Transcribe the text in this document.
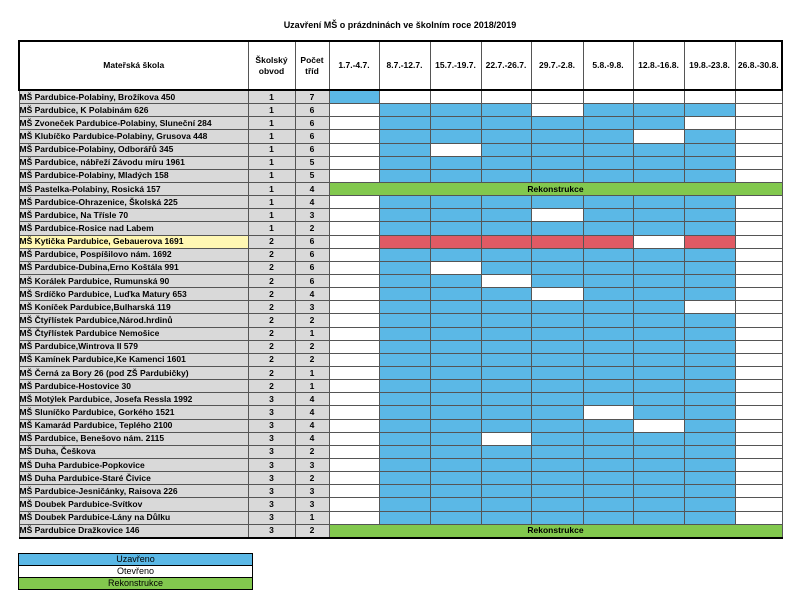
Uzavření MŠ o prázdninách ve školním roce 2018/2019
Mateřská škola	Školský obvod	Počet tříd	1.7.-4.7.	8.7.-12.7.	15.7.-19.7.	22.7.-26.7.	29.7.-2.8.	5.8.-9.8.	12.8.-16.8.	19.8.-23.8.	26.8.-30.8.
MŠ Pardubice-Polabiny, Brožíkova 450	1	7									
MŠ Pardubice, K Polabinám 626	1	6									
MŠ Zvoneček Pardubice-Polabiny, Sluneční 284	1	6									
MŠ Klubíčko Pardubice-Polabiny, Grusova 448	1	6									
MŠ Pardubice-Polabiny, Odborářů 345	1	6									
MŠ Pardubice, nábřeží Závodu míru 1961	1	5									
MŠ Pardubice-Polabiny, Mladých 158	1	5									
MŠ Pastelka-Polabiny, Rosická 157	1	4	Rekonstrukce								
MŠ Pardubice-Ohrazenice, Školská 225	1	4									
MŠ Pardubice, Na Třísle 70	1	3									
MŠ Pardubice-Rosice nad Labem	1	2									
MŠ Kytička Pardubice, Gebauerova 1691	2	6									
MŠ Pardubice, Pospíšilovo nám. 1692	2	6									
MŠ Pardubice-Dubina,Erno Koštála 991	2	6									
MŠ Korálek Pardubice, Rumunská 90	2	6									
MŠ Srdíčko Pardubice, Luďka Matury 653	2	4									
MŠ Koníček Pardubice,Bulharská 119	2	3									
MŠ Čtyřlístek Pardubice,Národ.hrdinů	2	2									
MŠ Čtyřlístek Pardubice Nemošice	2	1									
MŠ Pardubice,Wintrova II 579	2	2									
MŠ Kamínek Pardubice,Ke Kamenci 1601	2	2									
MŠ Černá za Bory 26 (pod ZŠ Pardubičky)	2	1									
MŠ Pardubice-Hostovice 30	2	1									
MŠ Motýlek Pardubice, Josefa Ressla 1992	3	4									
MŠ Sluníčko Pardubice, Gorkého 1521	3	4									
MŠ Kamarád Pardubice, Teplého 2100	3	4									
MŠ Pardubice, Benešovo nám. 2115	3	4									
MŠ Duha, Češkova	3	2									
MŠ Duha Pardubice-Popkovice	3	3									
MŠ Duha Pardubice-Staré Čivice	3	2									
MŠ Pardubice-Jesničánky, Raisova 226	3	3									
MŠ Doubek Pardubice-Svítkov	3	3									
MŠ Doubek Pardubice-Lány na Důlku	3	1									
MŠ Pardubice Dražkovice 146	3	2	Rekonstrukce								
Uzavřeno
Otevřeno
Rekonstrukce
